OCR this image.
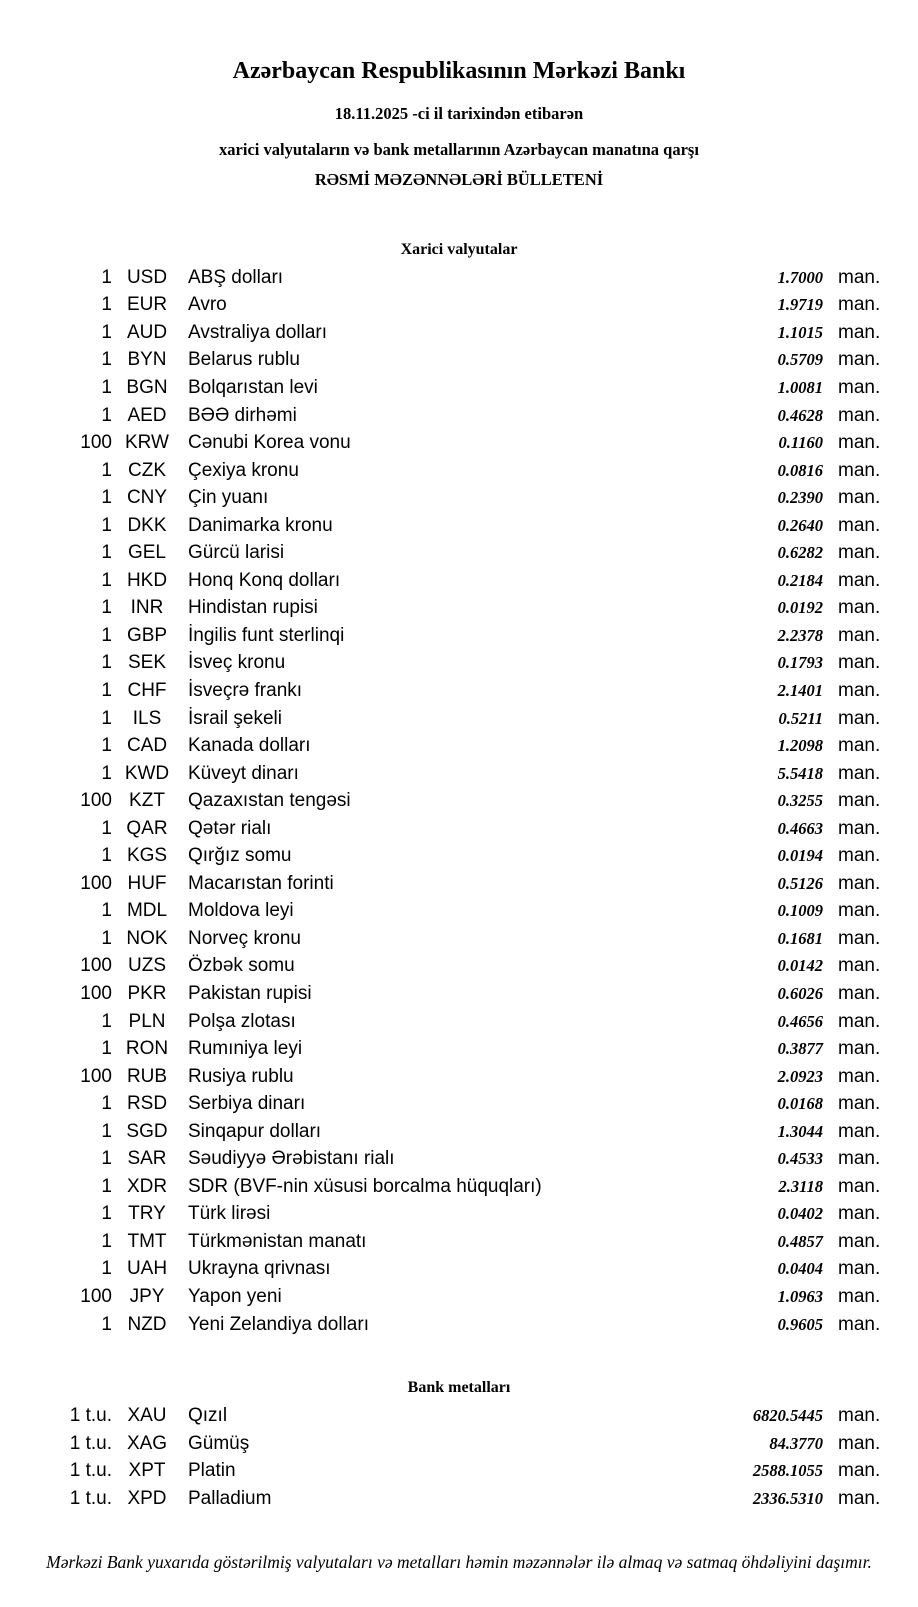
Azərbaycan Respublikasının Mərkəzi Bankı
18.11.2025 -ci il tarixindən etibarən
xarici valyutaların və bank metallarının Azərbaycan manatına qarşı
RƏSMİ MƏZƏNNƏLƏRİ BÜLLETENİ
Xarici valyutalar
1 USD	ABŞ dolları	1.7000 man.
1 EUR	Avro	1.9719 man.
1 AUD	Avstraliya dolları	1.1015 man.
1 BYN	Belarus rublu	0.5709 man.
1 BGN	Bolqarıstan levi	1.0081 man.
1 AED	BƏƏ dirhəmi	0.4628 man.
100 KRW	Cənubi Korea vonu	0.1160 man.
1 CZK	Çexiya kronu	0.0816 man.
1 CNY	Çin yuanı	0.2390 man.
1 DKK	Danimarka kronu	0.2640 man.
1 GEL	Gürcü larisi	0.6282 man.
1 HKD	Honq Konq dolları	0.2184 man.
1 INR	Hindistan rupisi	0.0192 man.
1 GBP	İngilis funt sterlinqi	2.2378 man.
1 SEK	İsveç kronu	0.1793 man.
1 CHF	İsveçrə frankı	2.1401 man.
1	ILS	İsrail şekeli	0.5211 man.
1 CAD	Kanada dolları	1.2098 man.
1 KWD Küveyt dinarı	5.5418 man.
100 KZT	Qazaxıstan tengəsi	0.3255 man.
1 QAR	Qətər rialı	0.4663 man.
1 KGS	Qırğız somu	0.0194 man.
100 HUF	Macarıstan forinti	0.5126 man.
1 MDL	Moldova leyi	0.1009 man.
1 NOK	Norveç kronu	0.1681 man.
100 UZS	Özbək somu	0.0142 man.
100 PKR	Pakistan rupisi	0.6026 man.
1 PLN	Polşa zlotası	0.4656 man.
1 RON	Rumıniya leyi	0.3877 man.
100 RUB	Rusiya rublu	2.0923 man.
1 RSD	Serbiya dinarı	0.0168 man.
1 SGD	Sinqapur dolları	1.3044 man.
1 SAR	Səudiyyə Ərəbistanı rialı	0.4533 man.
1 XDR	SDR (BVF-nin xüsusi borcalma hüquqları)	2.3118 man.
1 TRY	Türk lirəsi	0.0402 man.
1 TMT	Türkmənistan manatı	0.4857 man.
1 UAH	Ukrayna qrivnası	0.0404 man.
100 JPY	Yapon yeni	1.0963 man.
1 NZD	Yeni Zelandiya dolları	0.9605 man.
Bank metalları
1 t.u. XAU	Qızıl	6820.5445 man.
1 t.u. XAG	Gümüş	84.3770 man.
1 t.u. XPT	Platin	2588.1055 man.
1 t.u. XPD	Palladium	2336.5310 man.
Mərkəzi Bank yuxarıda göstərilmiş valyutaları və metalları həmin məzənnələr ilə almaq və satmaq öhdəliyini daşımır.
